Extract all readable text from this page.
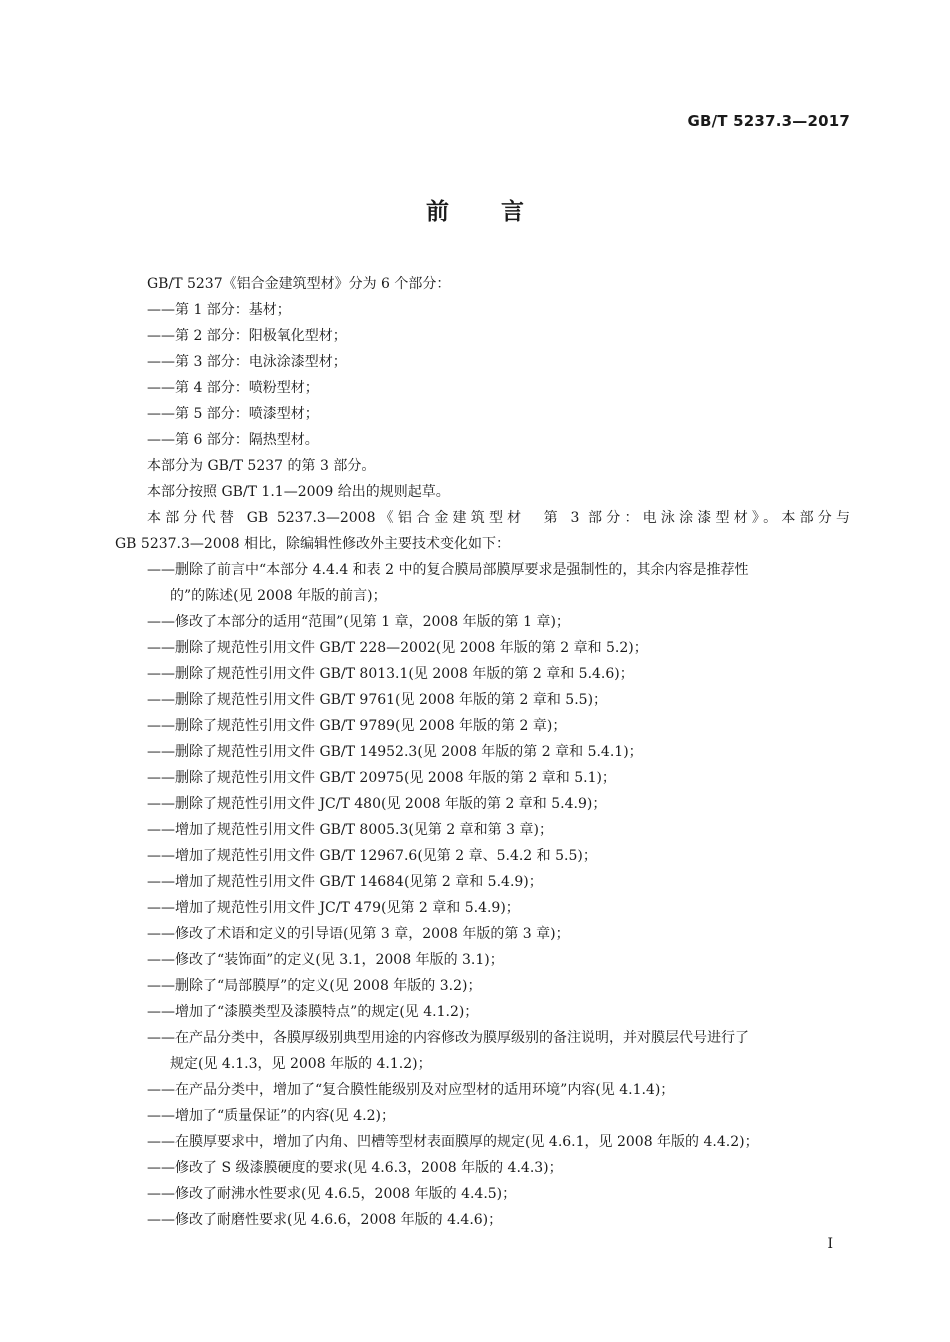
GB/T 5237.3—2017
前 言
GB/T 5237《铝合金建筑型材》分为 6 个部分：
——第 1 部分：基材；
——第 2 部分：阳极氧化型材；
——第 3 部分：电泳涂漆型材；
——第 4 部分：喷粉型材；
——第 5 部分：喷漆型材；
——第 6 部分：隔热型材。
本部分为 GB/T 5237 的第 3 部分。
本部分按照 GB/T 1.1—2009 给出的规则起草。
本部分代替 GB 5237.3—2008《铝合金建筑型材　第 3 部分：电泳涂漆型材》。本部分与
GB 5237.3—2008 相比，除编辑性修改外主要技术变化如下：
——删除了前言中“本部分 4.4.4 和表 2 中的复合膜局部膜厚要求是强制性的，其余内容是推荐性
的”的陈述(见 2008 年版的前言)；
——修改了本部分的适用“范围”(见第 1 章，2008 年版的第 1 章)；
——删除了规范性引用文件 GB/T 228—2002(见 2008 年版的第 2 章和 5.2)；
——删除了规范性引用文件 GB/T 8013.1(见 2008 年版的第 2 章和 5.4.6)；
——删除了规范性引用文件 GB/T 9761(见 2008 年版的第 2 章和 5.5)；
——删除了规范性引用文件 GB/T 9789(见 2008 年版的第 2 章)；
——删除了规范性引用文件 GB/T 14952.3(见 2008 年版的第 2 章和 5.4.1)；
——删除了规范性引用文件 GB/T 20975(见 2008 年版的第 2 章和 5.1)；
——删除了规范性引用文件 JC/T 480(见 2008 年版的第 2 章和 5.4.9)；
——增加了规范性引用文件 GB/T 8005.3(见第 2 章和第 3 章)；
——增加了规范性引用文件 GB/T 12967.6(见第 2 章、5.4.2 和 5.5)；
——增加了规范性引用文件 GB/T 14684(见第 2 章和 5.4.9)；
——增加了规范性引用文件 JC/T 479(见第 2 章和 5.4.9)；
——修改了术语和定义的引导语(见第 3 章，2008 年版的第 3 章)；
——修改了“装饰面”的定义(见 3.1，2008 年版的 3.1)；
——删除了“局部膜厚”的定义(见 2008 年版的 3.2)；
——增加了“漆膜类型及漆膜特点”的规定(见 4.1.2)；
——在产品分类中，各膜厚级别典型用途的内容修改为膜厚级别的备注说明，并对膜层代号进行了
规定(见 4.1.3，见 2008 年版的 4.1.2)；
——在产品分类中，增加了“复合膜性能级别及对应型材的适用环境”内容(见 4.1.4)；
——增加了“质量保证”的内容(见 4.2)；
——在膜厚要求中，增加了内角、凹槽等型材表面膜厚的规定(见 4.6.1，见 2008 年版的 4.4.2)；
——修改了 S 级漆膜硬度的要求(见 4.6.3，2008 年版的 4.4.3)；
——修改了耐沸水性要求(见 4.6.5，2008 年版的 4.4.5)；
——修改了耐磨性要求(见 4.6.6，2008 年版的 4.4.6)；
I
